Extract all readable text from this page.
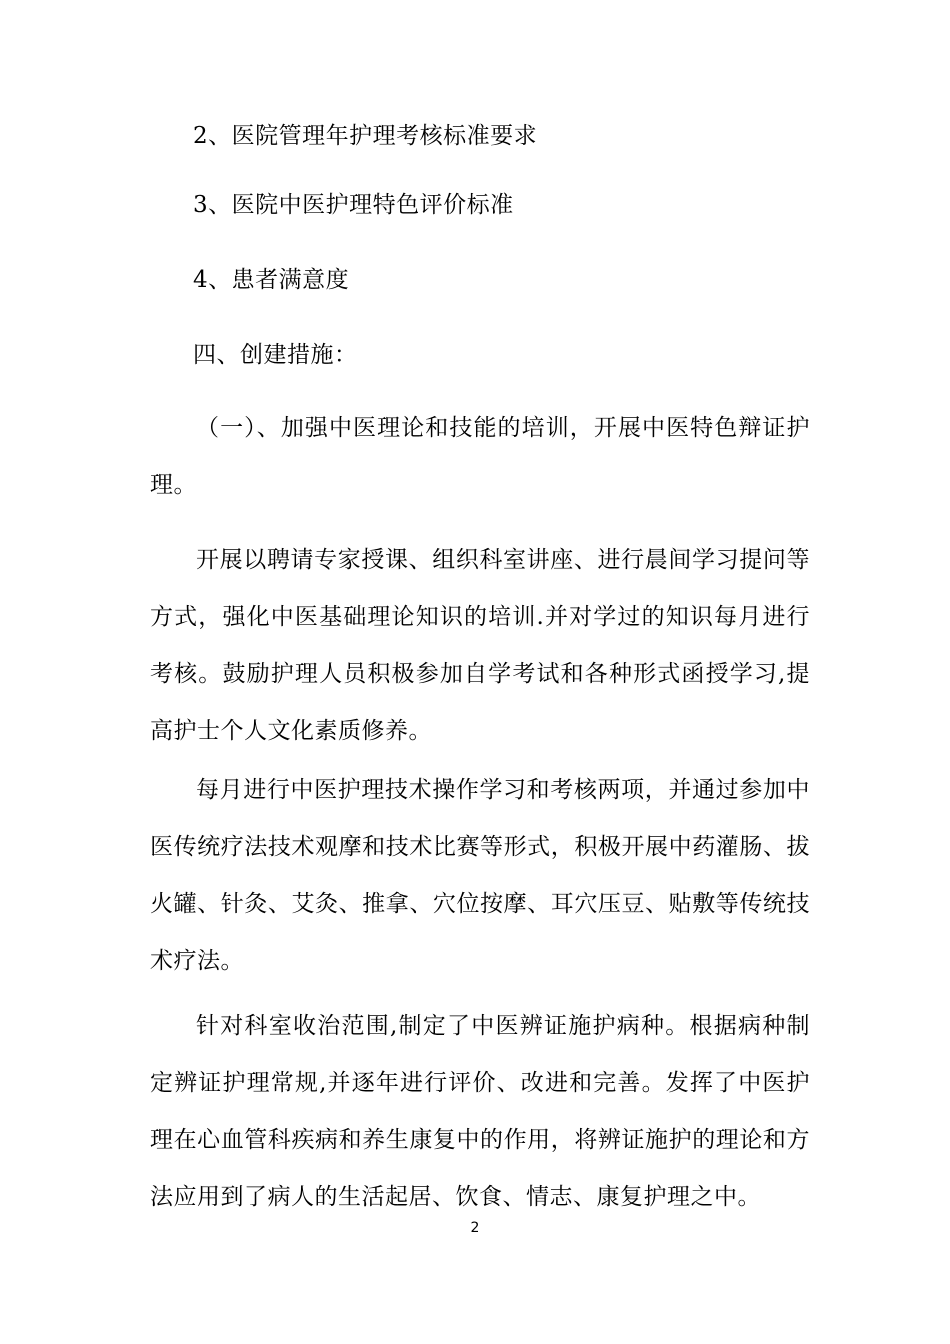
2、医院管理年护理考核标准要求

3、医院中医护理特色评价标准

4、患者满意度

四、创建措施：

（一）、加强中医理论和技能的培训，开展中医特色辩证护理。

开展以聘请专家授课、组织科室讲座、进行晨间学习提问等方式，强化中医基础理论知识的培训.并对学过的知识每月进行考核。鼓励护理人员积极参加自学考试和各种形式函授学习,提高护士个人文化素质修养。

每月进行中医护理技术操作学习和考核两项，并通过参加中医传统疗法技术观摩和技术比赛等形式，积极开展中药灌肠、拔火罐、针灸、艾灸、推拿、穴位按摩、耳穴压豆、贴敷等传统技术疗法。

针对科室收治范围,制定了中医辨证施护病种。根据病种制定辨证护理常规,并逐年进行评价、改进和完善。发挥了中医护理在心血管科疾病和养生康复中的作用，将辨证施护的理论和方法应用到了病人的生活起居、饮食、情志、康复护理之中。

2
